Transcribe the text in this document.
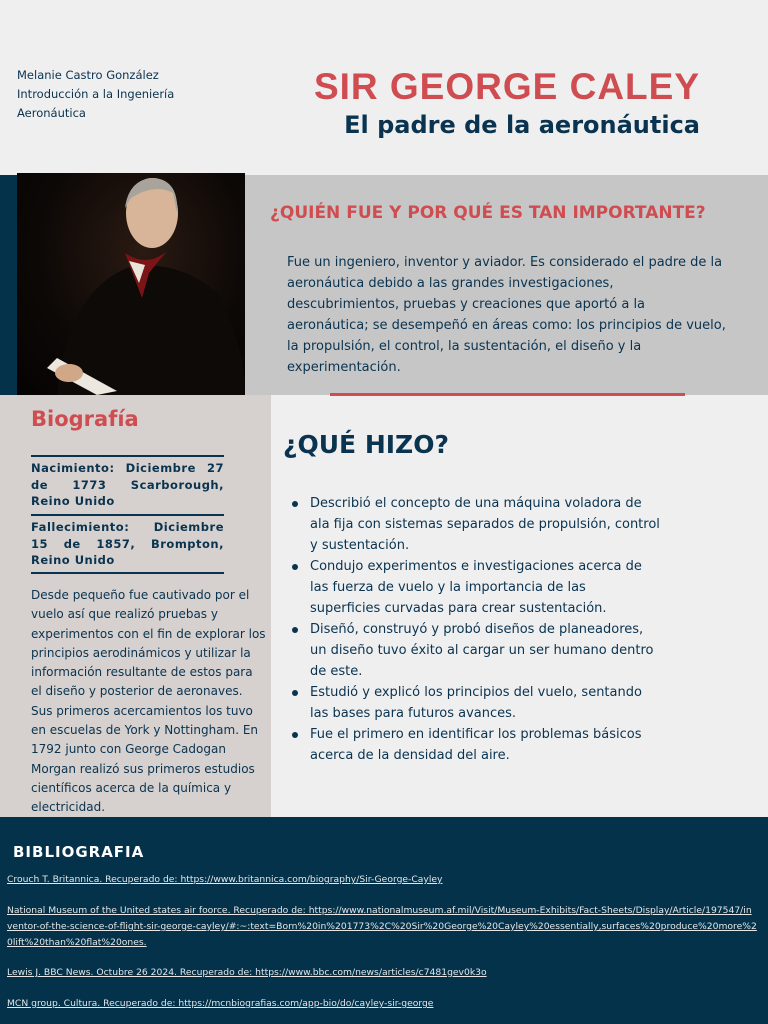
Melanie Castro González
Introducción a la Ingeniería
Aeronáutica
SIR GEORGE CALEY
El padre de la aeronáutica
¿QUIÉN FUE Y POR QUÉ ES TAN IMPORTANTE?

Fue un ingeniero, inventor y aviador. Es considerado el padre de la aeronáutica debido a las grandes investigaciones, descubrimientos, pruebas y creaciones que aportó a la aeronáutica; se desempeñó en áreas como: los principios de vuelo, la propulsión, el control, la sustentación, el diseño y la experimentación.

Biografía
Nacimiento: Diciembre 27 de 1773 Scarborough, Reino Unido
Fallecimiento: Diciembre 15 de 1857, Brompton, Reino Unido

Desde pequeño fue cautivado por el vuelo así que realizó pruebas y experimentos con el fin de explorar los principios aerodinámicos y utilizar la información resultante de estos para el diseño y posterior de aeronaves. Sus primeros acercamientos los tuvo en escuelas de York y Nottingham. En 1792 junto con George Cadogan Morgan realizó sus primeros estudios científicos acerca de la química y electricidad.

¿QUÉ HIZO?
Describió el concepto de una máquina voladora de ala fija con sistemas separados de propulsión, control y sustentación.
Condujo experimentos e investigaciones acerca de las fuerza de vuelo y la importancia de las superficies curvadas para crear sustentación.
Diseñó, construyó y probó diseños de planeadores, un diseño tuvo éxito al cargar un ser humano dentro de este.
Estudió y explicó los principios del vuelo, sentando las bases para futuros avances.
Fue el primero en identificar los problemas básicos acerca de la densidad del aire.
BIBLIOGRAFIA
Crouch T. Britannica. Recuperado de: https://www.britannica.com/biography/Sir-George-Cayley
National Museum of the United states air foorce. Recuperado de: https://www.nationalmuseum.af.mil/Visit/Museum-Exhibits/Fact-Sheets/Display/Article/197547/inventor-of-the-science-of-flight-sir-george-cayley/#:~:text=Born%20in%201773%2C%20Sir%20George%20Cayley%20essentially,surfaces%20produce%20more%20lift%20than%20flat%20ones.
Lewis J. BBC News. Octubre 26 2024. Recuperado de: https://www.bbc.com/news/articles/c7481gev0k3o
MCN group. Cultura. Recuperado de: https://mcnbiografias.com/app-bio/do/cayley-sir-george
